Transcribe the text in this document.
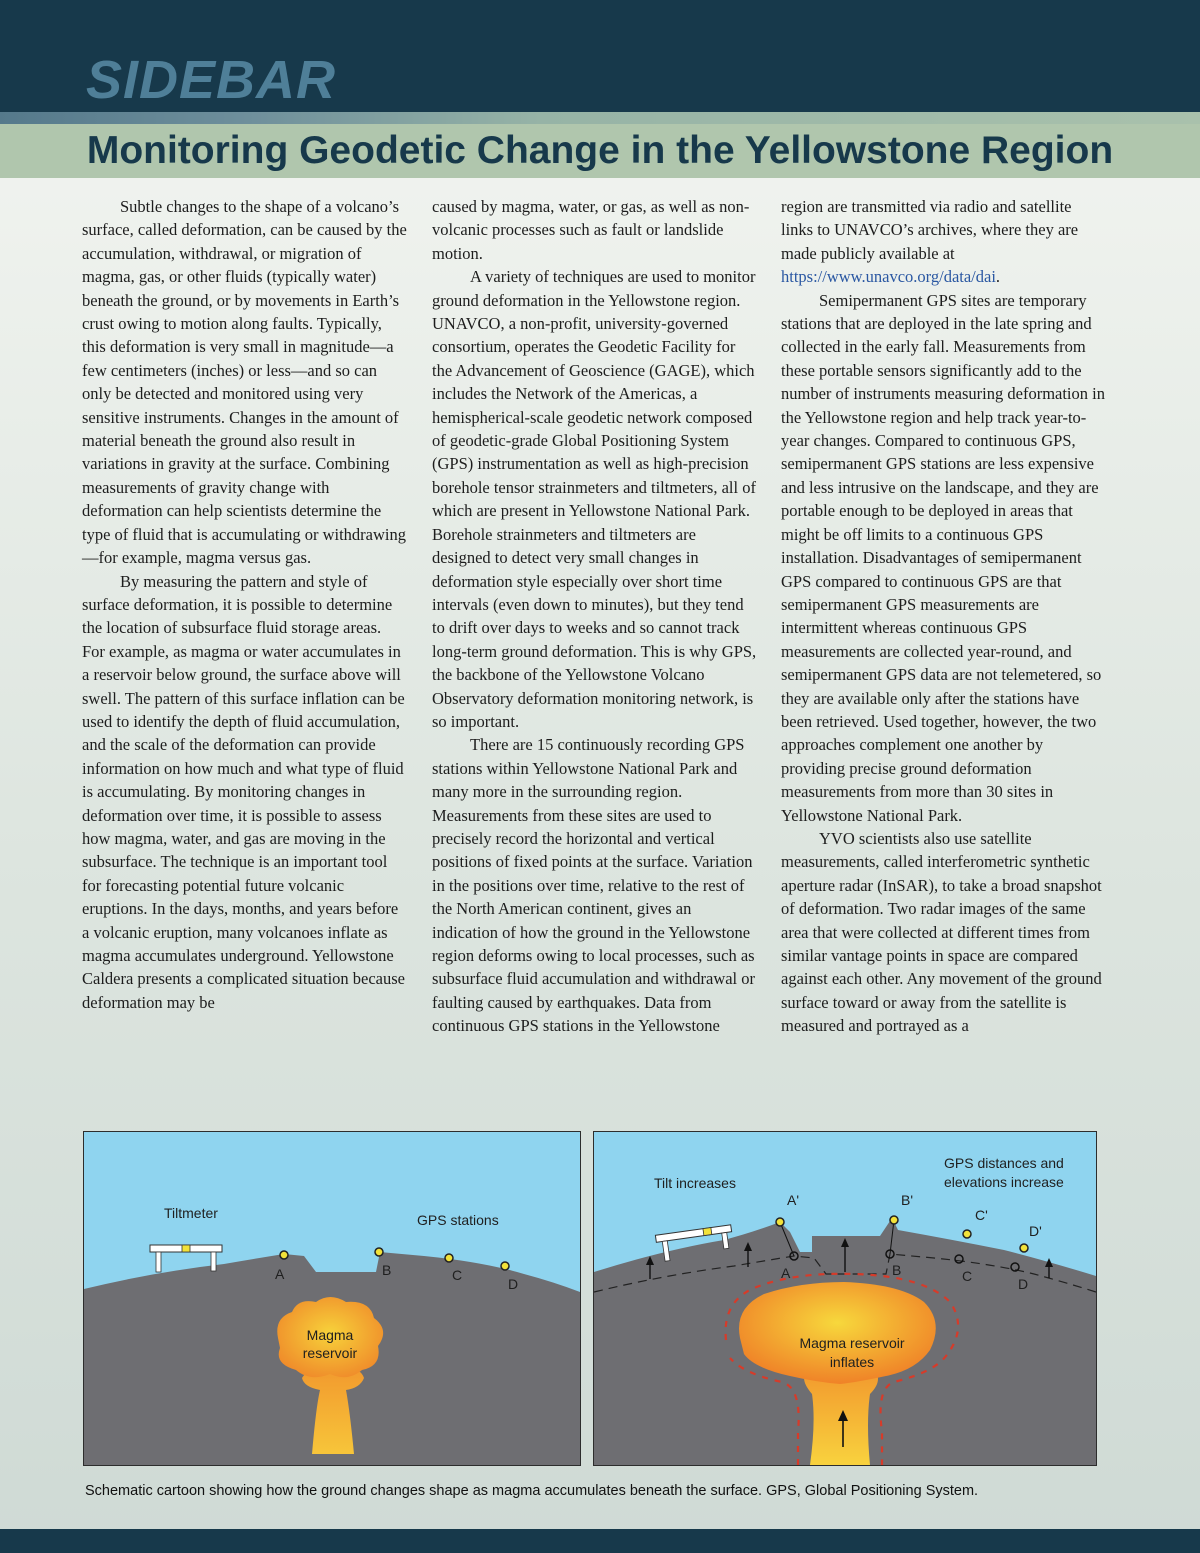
SIDEBAR
Monitoring Geodetic Change in the Yellowstone Region

Subtle changes to the shape of a volcano’s surface, called deformation, can be caused by the accumulation, withdrawal, or migration of magma, gas, or other fluids (typically water) beneath the ground, or by movements in Earth’s crust owing to motion along faults. Typically, this deformation is very small in magnitude—a few centimeters (inches) or less—and so can only be detected and monitored using very sensitive instruments. Changes in the amount of material beneath the ground also result in variations in gravity at the surface. Combining measurements of gravity change with deformation can help scientists determine the type of fluid that is accumulating or withdrawing—for example, magma versus gas.

By measuring the pattern and style of surface deformation, it is possible to determine the location of subsurface fluid storage areas. For example, as magma or water accumulates in a reservoir below ground, the surface above will swell. The pattern of this surface inflation can be used to identify the depth of fluid accumulation, and the scale of the deformation can provide information on how much and what type of fluid is accumulating. By monitoring changes in deformation over time, it is possible to assess how magma, water, and gas are moving in the subsurface. The technique is an important tool for forecasting potential future volcanic eruptions. In the days, months, and years before a volcanic eruption, many volcanoes inflate as magma accumulates underground. Yellowstone Caldera presents a complicated situation because deformation may be

caused by magma, water, or gas, as well as non-volcanic processes such as fault or landslide motion.

A variety of techniques are used to monitor ground deformation in the Yellowstone region. UNAVCO, a non-profit, university-governed consortium, operates the Geodetic Facility for the Advancement of Geoscience (GAGE), which includes the Network of the Americas, a hemispherical-scale geodetic network composed of geodetic-grade Global Positioning System (GPS) instrumentation as well as high-precision borehole tensor strainmeters and tiltmeters, all of which are present in Yellowstone National Park. Borehole strainmeters and tiltmeters are designed to detect very small changes in deformation style especially over short time intervals (even down to minutes), but they tend to drift over days to weeks and so cannot track long-term ground deformation. This is why GPS, the backbone of the Yellowstone Volcano Observatory deformation monitoring network, is so important.

There are 15 continuously recording GPS stations within Yellowstone National Park and many more in the surrounding region. Measurements from these sites are used to precisely record the horizontal and vertical positions of fixed points at the surface. Variation in the positions over time, relative to the rest of the North American continent, gives an indication of how the ground in the Yellowstone region deforms owing to local processes, such as subsurface fluid accumulation and withdrawal or faulting caused by earthquakes. Data from continuous GPS stations in the Yellowstone

region are transmitted via radio and satellite links to UNAVCO’s archives, where they are made publicly available at https://www.unavco.org/data/dai.

Semipermanent GPS sites are temporary stations that are deployed in the late spring and collected in the early fall. Measurements from these portable sensors significantly add to the number of instruments measuring deformation in the Yellowstone region and help track year-to-year changes. Compared to continuous GPS, semipermanent GPS stations are less expensive and less intrusive on the landscape, and they are portable enough to be deployed in areas that might be off limits to a continuous GPS installation. Disadvantages of semipermanent GPS compared to continuous GPS are that semipermanent GPS measurements are intermittent whereas continuous GPS measurements are collected year-round, and semipermanent GPS data are not telemetered, so they are available only after the stations have been retrieved. Used together, however, the two approaches complement one another by providing precise ground deformation measurements from more than 30 sites in Yellowstone National Park.

YVO scientists also use satellite measurements, called interferometric synthetic aperture radar (InSAR), to take a broad snapshot of deformation. Two radar images of the same area that were collected at different times from similar vantage points in space are compared against each other. Any movement of the ground surface toward or away from the satellite is measured and portrayed as a

Magma
reservoir
Tiltmeter	GPS stations
A	B	C
D
Magma reservoir
inflates
Tilt increases
GPS distances and
elevations increase
A'	B'
C'
D'
A	B	C	D

Schematic cartoon showing how the ground changes shape as magma accumulates beneath the surface. GPS, Global Positioning System.
